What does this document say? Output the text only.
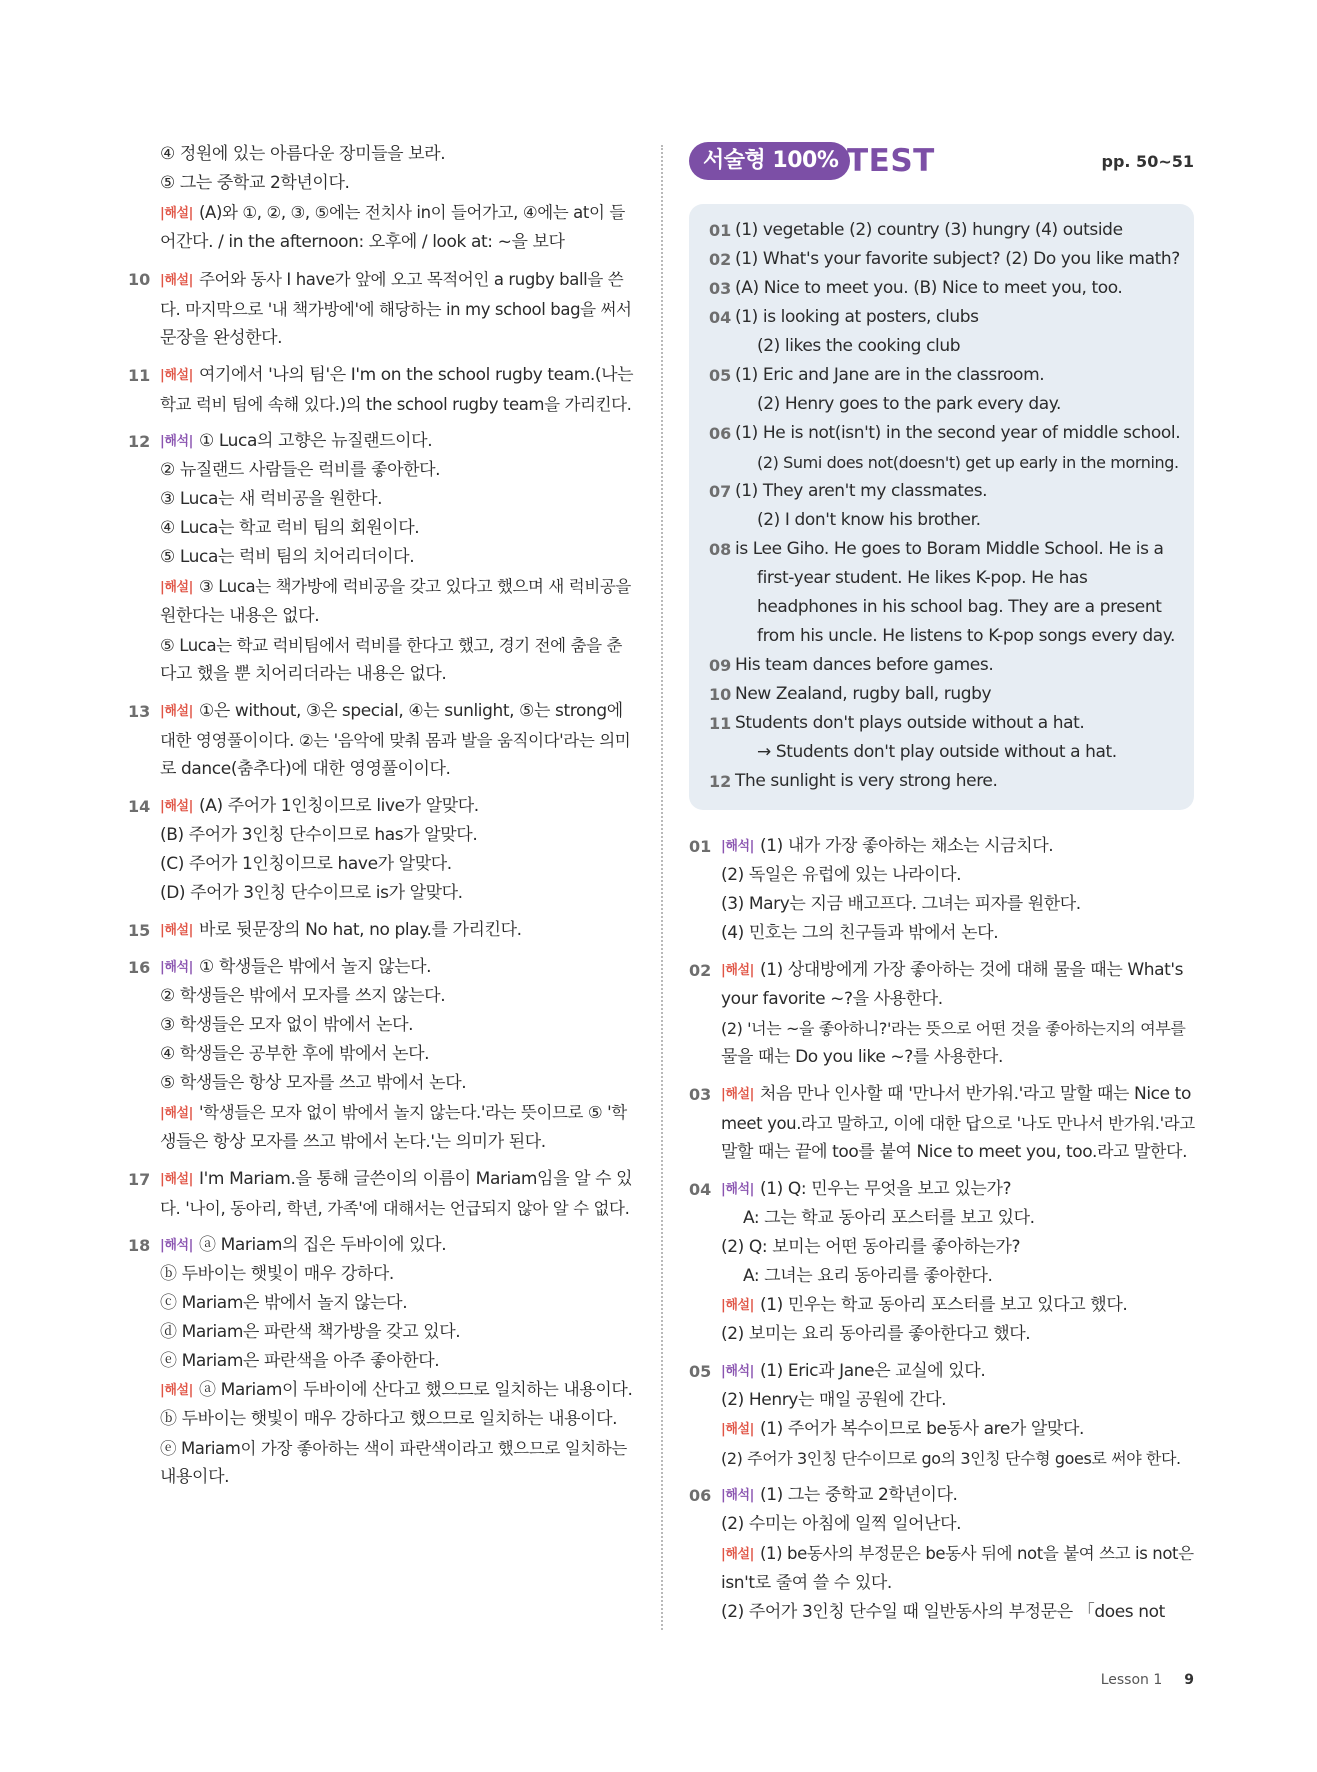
④ 정원에 있는 아름다운 장미들을 보라.
⑤ 그는 중학교 2학년이다.
|해설| (A)와 ①, ②, ③, ⑤에는 전치사 in이 들어가고, ④에는 at이 들
어간다. / in the afternoon: 오후에 / look at: ~을 보다
10 |해설| 주어와 동사 I have가 앞에 오고 목적어인 a rugby ball을 쓴
다. 마지막으로 '내 책가방에'에 해당하는 in my school bag을 써서
문장을 완성한다.
11 |해설| 여기에서 '나의 팀'은 I'm on the school rugby team.(나는
학교 럭비 팀에 속해 있다.)의 the school rugby team을 가리킨다.
12 |해석| ① Luca의 고향은 뉴질랜드이다.
② 뉴질랜드 사람들은 럭비를 좋아한다.
③ Luca는 새 럭비공을 원한다.
④ Luca는 학교 럭비 팀의 회원이다.
⑤ Luca는 럭비 팀의 치어리더이다.
|해설| ③ Luca는 책가방에 럭비공을 갖고 있다고 했으며 새 럭비공을
원한다는 내용은 없다.
⑤ Luca는 학교 럭비팀에서 럭비를 한다고 했고, 경기 전에 춤을 춘
다고 했을 뿐 치어리더라는 내용은 없다.
13 |해설| ①은 without, ③은 special, ④는 sunlight, ⑤는 strong에
대한 영영풀이이다. ②는 '음악에 맞춰 몸과 발을 움직이다'라는 의미
로 dance(춤추다)에 대한 영영풀이이다.
14 |해설| (A) 주어가 1인칭이므로 live가 알맞다.
(B) 주어가 3인칭 단수이므로 has가 알맞다.
(C) 주어가 1인칭이므로 have가 알맞다.
(D) 주어가 3인칭 단수이므로 is가 알맞다.
15 |해설| 바로 뒷문장의 No hat, no play.를 가리킨다.
16 |해석| ① 학생들은 밖에서 놀지 않는다.
② 학생들은 밖에서 모자를 쓰지 않는다.
③ 학생들은 모자 없이 밖에서 논다.
④ 학생들은 공부한 후에 밖에서 논다.
⑤ 학생들은 항상 모자를 쓰고 밖에서 논다.
|해설| '학생들은 모자 없이 밖에서 놀지 않는다.'라는 뜻이므로 ⑤ '학
생들은 항상 모자를 쓰고 밖에서 논다.'는 의미가 된다.
17 |해설| I'm Mariam.을 통해 글쓴이의 이름이 Mariam임을 알 수 있
다. '나이, 동아리, 학년, 가족'에 대해서는 언급되지 않아 알 수 없다.
18 |해석| ⓐ Mariam의 집은 두바이에 있다.
ⓑ 두바이는 햇빛이 매우 강하다.
ⓒ Mariam은 밖에서 놀지 않는다.
ⓓ Mariam은 파란색 책가방을 갖고 있다.
ⓔ Mariam은 파란색을 아주 좋아한다.
|해설| ⓐ Mariam이 두바이에 산다고 했으므로 일치하는 내용이다.
ⓑ 두바이는 햇빛이 매우 강하다고 했으므로 일치하는 내용이다.
ⓔ Mariam이 가장 좋아하는 색이 파란색이라고 했으므로 일치하는
내용이다.
서술형 100% TEST	pp. 50~51
01 (1) vegetable (2) country (3) hungry (4) outside
02 (1) What's your favorite subject? (2) Do you like math?
03 (A) Nice to meet you. (B) Nice to meet you, too.
04 (1) is looking at posters, clubs
(2) likes the cooking club
05 (1) Eric and Jane are in the classroom.
(2) Henry goes to the park every day.
06 (1) He is not(isn't) in the second year of middle school.
(2) Sumi does not(doesn't) get up early in the morning.
07 (1) They aren't my classmates.
(2) I don't know his brother.
08 is Lee Giho. He goes to Boram Middle School. He is a
first-year student. He likes K-pop. He has
headphones in his school bag. They are a present
from his uncle. He listens to K-pop songs every day.
09 His team dances before games.
10 New Zealand, rugby ball, rugby
11 Students don't plays outside without a hat.
→ Students don't play outside without a hat.
12 The sunlight is very strong here.
01 |해석| (1) 내가 가장 좋아하는 채소는 시금치다.
(2) 독일은 유럽에 있는 나라이다.
(3) Mary는 지금 배고프다. 그녀는 피자를 원한다.
(4) 민호는 그의 친구들과 밖에서 논다.
02 |해설| (1) 상대방에게 가장 좋아하는 것에 대해 물을 때는 What's
your favorite ~?을 사용한다.
(2) '너는 ~을 좋아하니?'라는 뜻으로 어떤 것을 좋아하는지의 여부를
물을 때는 Do you like ~?를 사용한다.
03 |해설| 처음 만나 인사할 때 '만나서 반가워.'라고 말할 때는 Nice to
meet you.라고 말하고, 이에 대한 답으로 '나도 만나서 반가워.'라고
말할 때는 끝에 too를 붙여 Nice to meet you, too.라고 말한다.
04 |해석| (1) Q: 민우는 무엇을 보고 있는가?
A: 그는 학교 동아리 포스터를 보고 있다.
(2) Q: 보미는 어떤 동아리를 좋아하는가?
A: 그녀는 요리 동아리를 좋아한다.
|해설| (1) 민우는 학교 동아리 포스터를 보고 있다고 했다.
(2) 보미는 요리 동아리를 좋아한다고 했다.
05 |해석| (1) Eric과 Jane은 교실에 있다.
(2) Henry는 매일 공원에 간다.
|해설| (1) 주어가 복수이므로 be동사 are가 알맞다.
(2) 주어가 3인칭 단수이므로 go의 3인칭 단수형 goes로 써야 한다.
06 |해석| (1) 그는 중학교 2학년이다.
(2) 수미는 아침에 일찍 일어난다.
|해설| (1) be동사의 부정문은 be동사 뒤에 not을 붙여 쓰고 is not은
isn't로 줄여 쓸 수 있다.
(2) 주어가 3인칭 단수일 때 일반동사의 부정문은 「does not
Lesson 1 9
